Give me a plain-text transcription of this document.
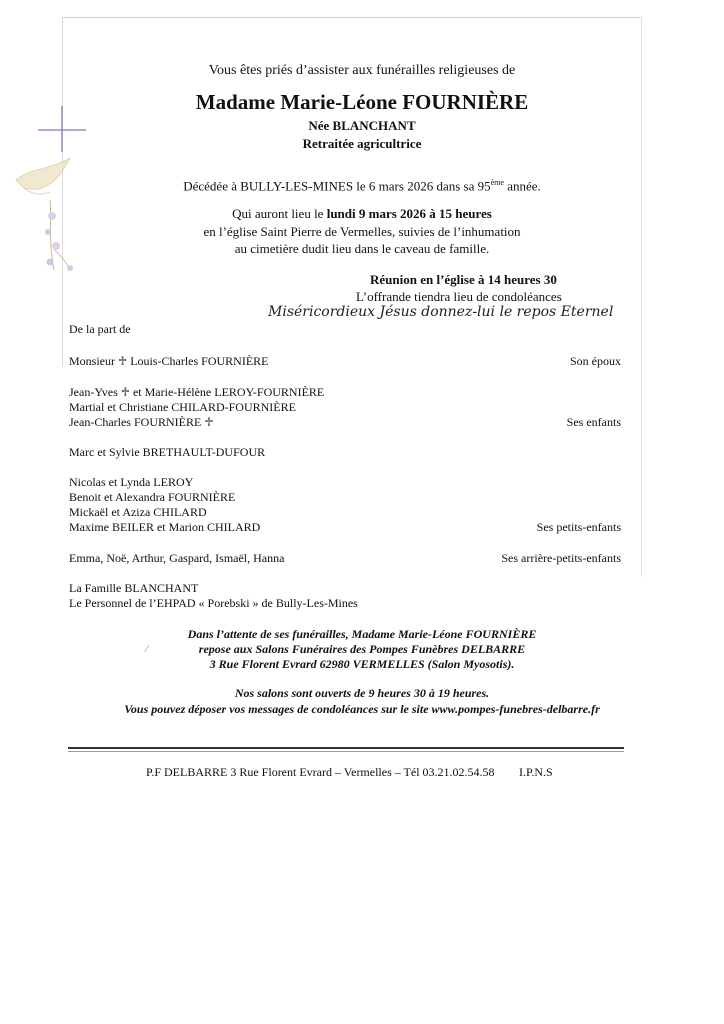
Vous êtes priés d’assister aux funérailles religieuses de
Madame Marie-Léone FOURNIÈRE
Née BLANCHANT
Retraitée agricultrice
Décédée à BULLY-LES-MINES le 6 mars 2026 dans sa 95ème année.
Qui auront lieu le lundi 9 mars 2026 à 15 heures
en l’église Saint Pierre de Vermelles, suivies de l’inhumation
au cimetière dudit lieu dans le caveau de famille.
Réunion en l’église à 14 heures 30
L’offrande tiendra lieu de condoléances
Miséricordieux Jésus donnez-lui le repos Eternel
De la part de
Monsieur ♱ Louis-Charles FOURNIÈRE	Son époux
Jean-Yves ♱ et Marie-Hélène LEROY-FOURNIÈRE
Martial et Christiane CHILARD-FOURNIÈRE
Jean-Charles FOURNIÈRE ♱	Ses enfants
Marc et Sylvie BRETHAULT-DUFOUR
Nicolas et Lynda LEROY
Benoit et Alexandra FOURNIÈRE
Mickaël et Aziza CHILARD
Maxime BEILER et Marion CHILARD	Ses petits-enfants
Emma, Noë, Arthur, Gaspard, Ismaël, Hanna	Ses arrière-petits-enfants
La Famille BLANCHANT
Le Personnel de l’EHPAD « Porebski » de Bully-Les-Mines
Dans l’attente de ses funérailles, Madame Marie-Léone FOURNIÈRE
repose aux Salons Funéraires des Pompes Funèbres DELBARRE
3 Rue Florent Evrard 62980 VERMELLES (Salon Myosotis).
⁄
Nos salons sont ouverts de 9 heures 30 à 19 heures.
Vous pouvez déposer vos messages de condoléances sur le site www.pompes-funebres-delbarre.fr
P.F DELBARRE 3 Rue Florent Evrard – Vermelles – Tél 03.21.02.54.58 I.P.N.S
